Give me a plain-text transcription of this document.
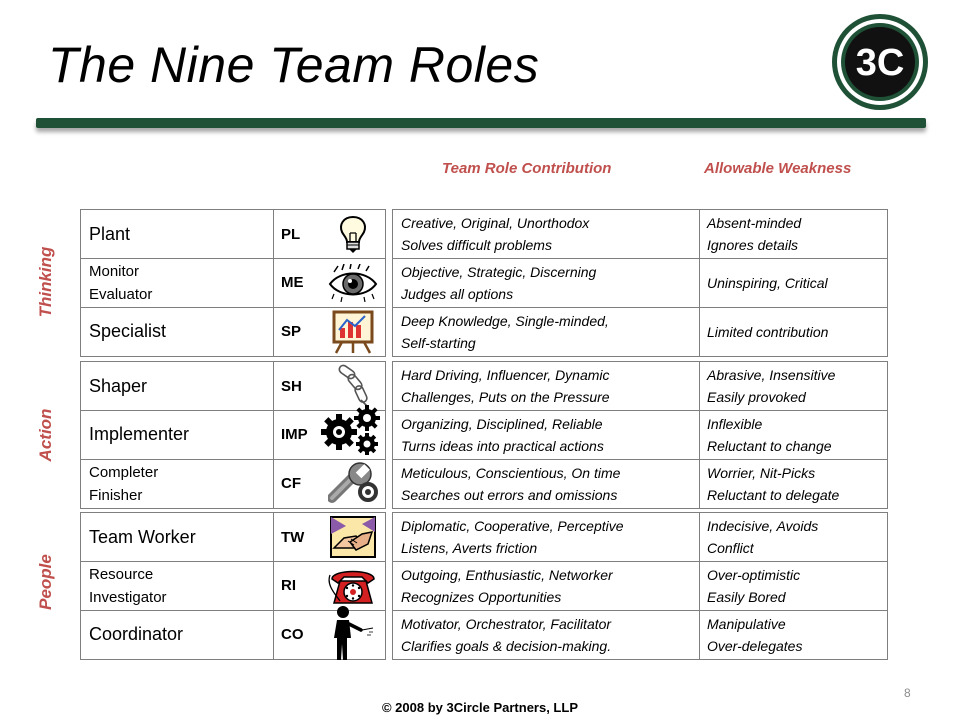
The Nine Team Roles	3C
Team Role Contribution	Allowable Weakness
Thinking
Action
People
Plant
Monitor
Evaluator
Specialist
PL
ME
SP
Creative, Original, Unorthodox
Solves difficult problems
Objective, Strategic, Discerning
Judges all options
Deep Knowledge, Single-minded,
Self-starting
Absent-minded
Ignores details
Uninspiring, Critical
Limited contribution
Shaper
Implementer
Completer
Finisher
SH
IMP
CF
Hard Driving, Influencer, Dynamic
Challenges, Puts on the Pressure
Organizing, Disciplined, Reliable
Turns ideas into practical actions
Meticulous, Conscientious, On time
Searches out errors and omissions
Abrasive, Insensitive
Easily provoked
Inflexible
Reluctant to change
Worrier, Nit-Picks
Reluctant to delegate
Team Worker
Resource
Investigator
Coordinator
TW
RI
CO
Diplomatic, Cooperative, Perceptive
Listens, Averts friction
Outgoing, Enthusiastic, Networker
Recognizes Opportunities
Motivator, Orchestrator, Facilitator
Clarifies goals & decision-making.
Indecisive, Avoids
Conflict
Over-optimistic
Easily Bored
Manipulative
Over-delegates
8
© 2008 by 3Circle Partners, LLP
